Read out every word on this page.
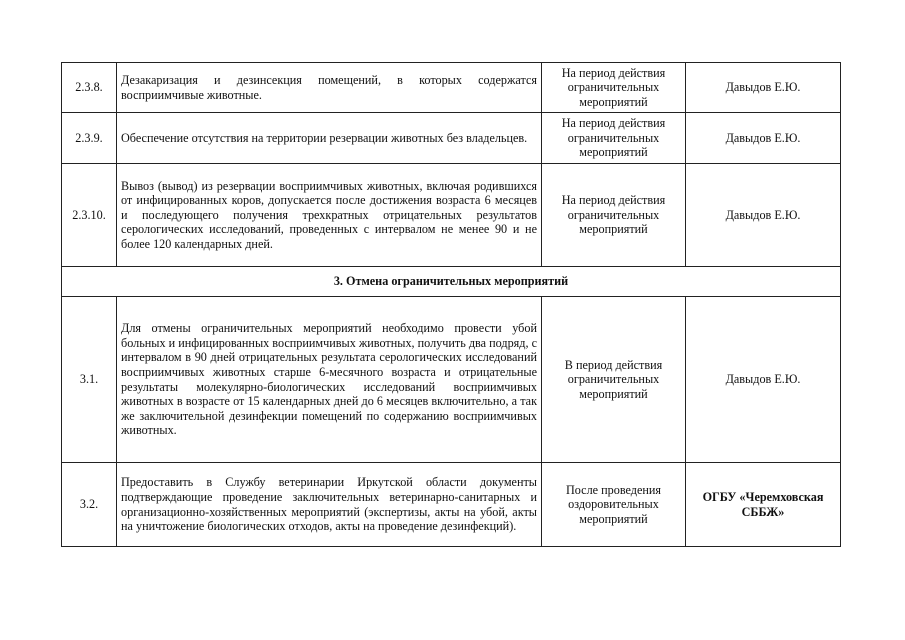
2.3.8.	Дезакаризация и дезинсекция помещений, в которых содержатся восприимчивые животные.	На период действия ограничительных мероприятий	Давыдов Е.Ю.
2.3.9.	Обеспечение отсутствия на территории резервации животных без владельцев.	На период действия ограничительных мероприятий	Давыдов Е.Ю.
2.3.10.	Вывоз (вывод) из резервации восприимчивых животных, включая родившихся от инфицированных коров, допускается после достижения возраста 6 месяцев и последующего получения трехкратных отрицательных результатов серологических исследований, проведенных с интервалом не менее 90 и не более 120 календарных дней.	На период действия ограничительных мероприятий	Давыдов Е.Ю.
3. Отмена ограничительных мероприятий			
3.1.	Для отмены ограничительных мероприятий необходимо провести убой больных и инфицированных восприимчивых животных, получить два подряд, с интервалом в 90 дней отрицательных результата серологических исследований восприимчивых животных старше 6-месячного возраста и отрицательные результаты молекулярно-биологических исследований восприимчивых животных в возрасте от 15 календарных дней до 6 месяцев включительно, а так же заключительной дезинфекции помещений по содержанию восприимчивых животных.	В период действия ограничительных мероприятий	Давыдов Е.Ю.
3.2.	Предоставить в Службу ветеринарии Иркутской области документы подтверждающие проведение заключительных ветеринарно-санитарных и организационно-хозяйственных мероприятий (экспертизы, акты на убой, акты на уничтожение биологических отходов, акты на проведение дезинфекций).	После проведения оздоровительных мероприятий	ОГБУ «Черемховская СББЖ»
